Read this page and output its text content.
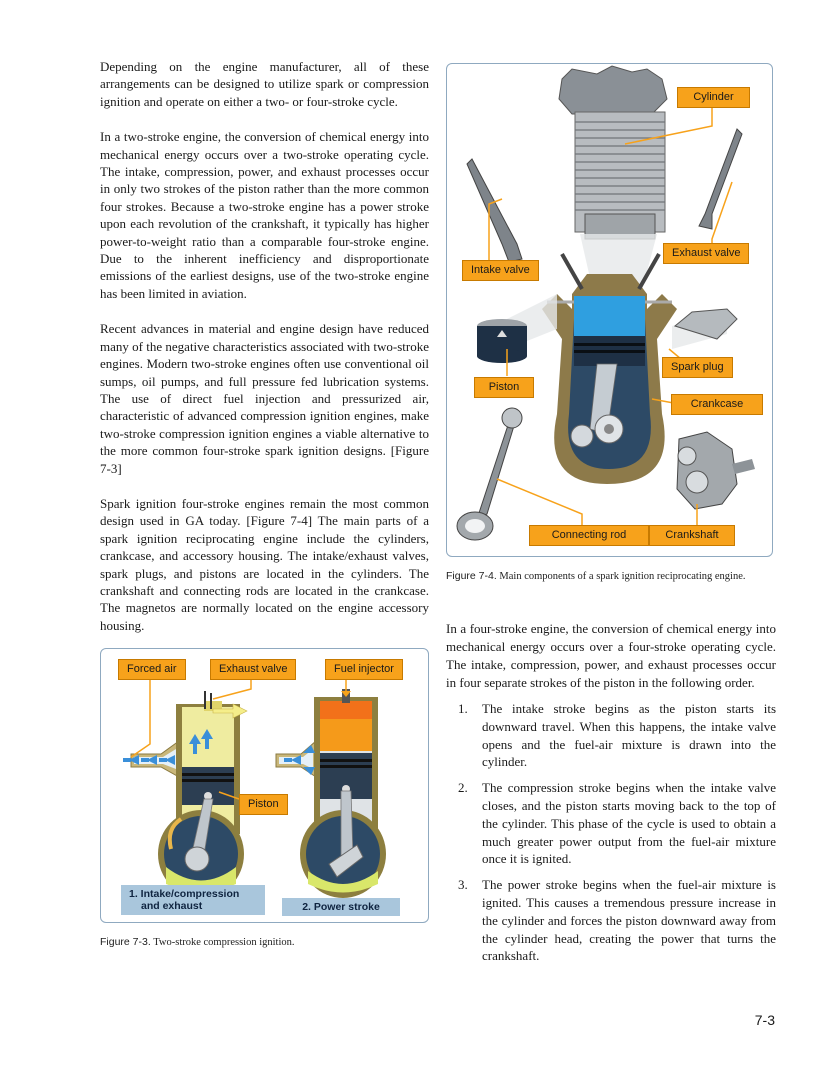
Depending on the engine manufacturer, all of these arrangements can be designed to utilize spark or compression ignition and operate on either a two- or four-stroke cycle.

In a two-stroke engine, the conversion of chemical energy into mechanical energy occurs over a two-stroke operating cycle. The intake, compression, power, and exhaust processes occur in only two strokes of the piston rather than the more common four strokes. Because a two-stroke engine has a power stroke upon each revolution of the crankshaft, it typically has higher power-to-weight ratio than a comparable four-stroke engine. Due to the inherent inefficiency and disproportionate emissions of the earliest designs, use of the two-stroke engine has been limited in aviation.

Recent advances in material and engine design have reduced many of the negative characteristics associated with two-stroke engines. Modern two-stroke engines often use conventional oil sumps, oil pumps, and full pressure fed lubrication systems. The use of direct fuel injection and pressurized air, characteristic of advanced compression ignition engines, make two-stroke compression ignition engines a viable alternative to the more common four-stroke spark ignition designs. [Figure 7-3]

Spark ignition four-stroke engines remain the most common design used in GA today. [Figure 7-4] The main parts of a spark ignition reciprocating engine include the cylinders, crankcase, and accessory housing. The intake/exhaust valves, spark plugs, and pistons are located in the cylinders. The crankshaft and connecting rods are located in the crankcase. The magnetos are normally located on the engine accessory housing.

Forced air	Exhaust valve	Fuel injector
Piston
1. Intake/compression
and exhaust	2. Power stroke
Figure 7-3. Two-stroke compression ignition.
Cylinder
Exhaust valve
Intake valve
Spark plug
Piston
Crankcase
Connecting rod	Crankshaft
Figure 7-4. Main components of a spark ignition reciprocating engine.

In a four-stroke engine, the conversion of chemical energy into mechanical energy occurs over a four-stroke operating cycle. The intake, compression, power, and exhaust processes occur in four separate strokes of the piston in the following order.

1. The intake stroke begins as the piston starts its downward travel. When this happens, the intake valve opens and the fuel-air mixture is drawn into the cylinder.
2. The compression stroke begins when the intake valve closes, and the piston starts moving back to the top of the cylinder. This phase of the cycle is used to obtain a much greater power output from the fuel-air mixture once it is ignited.
3. The power stroke begins when the fuel-air mixture is ignited. This causes a tremendous pressure increase in the cylinder and forces the piston downward away from the cylinder head, creating the power that turns the crankshaft.
7-3
